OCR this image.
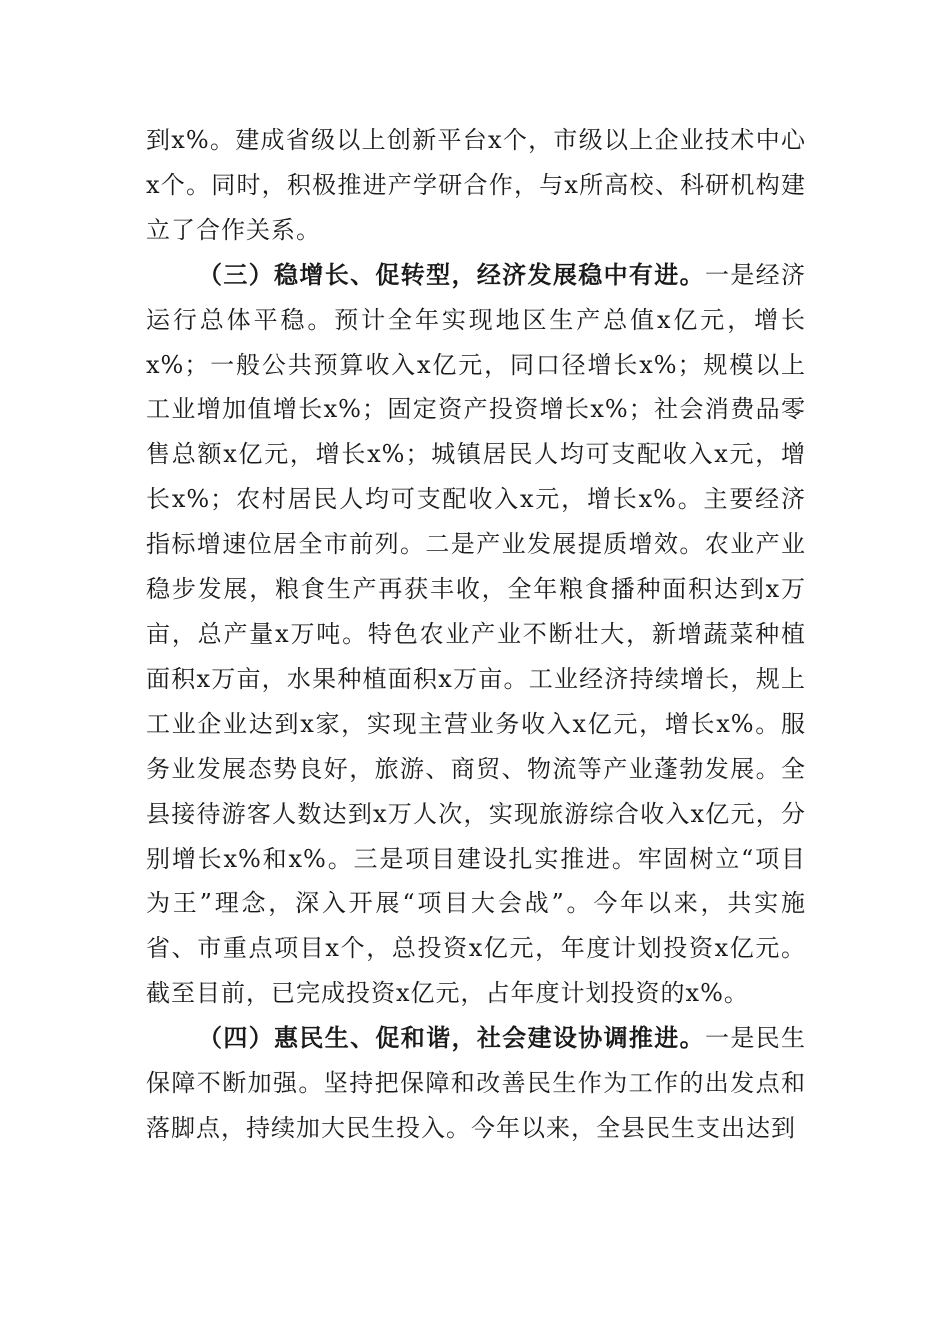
到x%。建成省级以上创新平台x个，市级以上企业技术中心x个。同时，积极推进产学研合作，与x所高校、科研机构建立了合作关系。

（三）稳增长、促转型，经济发展稳中有进。一是经济运行总体平稳。预计全年实现地区生产总值x亿元，增长x%；一般公共预算收入x亿元，同口径增长x%；规模以上工业增加值增长x%；固定资产投资增长x%；社会消费品零售总额x亿元，增长x%；城镇居民人均可支配收入x元，增长x%；农村居民人均可支配收入x元，增长x%。主要经济指标增速位居全市前列。二是产业发展提质增效。农业产业稳步发展，粮食生产再获丰收，全年粮食播种面积达到x万亩，总产量x万吨。特色农业产业不断壮大，新增蔬菜种植面积x万亩，水果种植面积x万亩。工业经济持续增长，规上工业企业达到x家，实现主营业务收入x亿元，增长x%。服务业发展态势良好，旅游、商贸、物流等产业蓬勃发展。全县接待游客人数达到x万人次，实现旅游综合收入x亿元，分别增长x%和x%。三是项目建设扎实推进。牢固树立“项目为王”理念，深入开展“项目大会战”。今年以来，共实施省、市重点项目x个，总投资x亿元，年度计划投资x亿元。截至目前，已完成投资x亿元，占年度计划投资的x%。

（四）惠民生、促和谐，社会建设协调推进。一是民生保障不断加强。坚持把保障和改善民生作为工作的出发点和落脚点，持续加大民生投入。今年以来，全县民生支出达到
